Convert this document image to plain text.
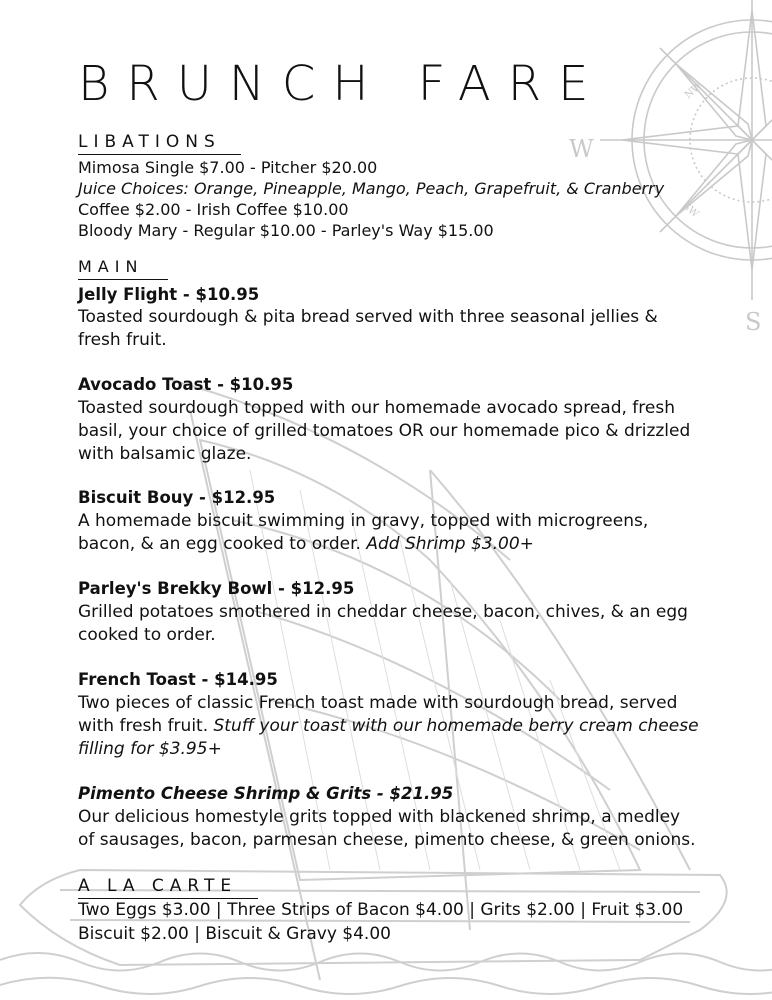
W
S
NW
SW
BRUNCH FARE
LIBATIONS
Mimosa Single $7.00 - Pitcher $20.00
Juice Choices: Orange, Pineapple, Mango, Peach, Grapefruit, & Cranberry
Coffee $2.00 - Irish Coffee $10.00
Bloody Mary - Regular $10.00 - Parley's Way $15.00
MAIN
Jelly Flight - $10.95
Toasted sourdough & pita bread served with three seasonal jellies &
fresh fruit.
Avocado Toast - $10.95
Toasted sourdough topped with our homemade avocado spread, fresh
basil, your choice of grilled tomatoes OR our homemade pico & drizzled
with balsamic glaze.
Biscuit Bouy - $12.95
A homemade biscuit swimming in gravy, topped with microgreens,
bacon, & an egg cooked to order. Add Shrimp $3.00+
Parley's Brekky Bowl - $12.95
Grilled potatoes smothered in cheddar cheese, bacon, chives, & an egg
cooked to order.
French Toast - $14.95
Two pieces of classic French toast made with sourdough bread, served
with fresh fruit. Stuff your toast with our homemade berry cream cheese
filling for $3.95+
Pimento Cheese Shrimp & Grits - $21.95
Our delicious homestyle grits topped with blackened shrimp, a medley
of sausages, bacon, parmesan cheese, pimento cheese, & green onions.
A LA CARTE
Two Eggs $3.00 | Three Strips of Bacon $4.00 | Grits $2.00 | Fruit $3.00
Biscuit $2.00 | Biscuit & Gravy $4.00
